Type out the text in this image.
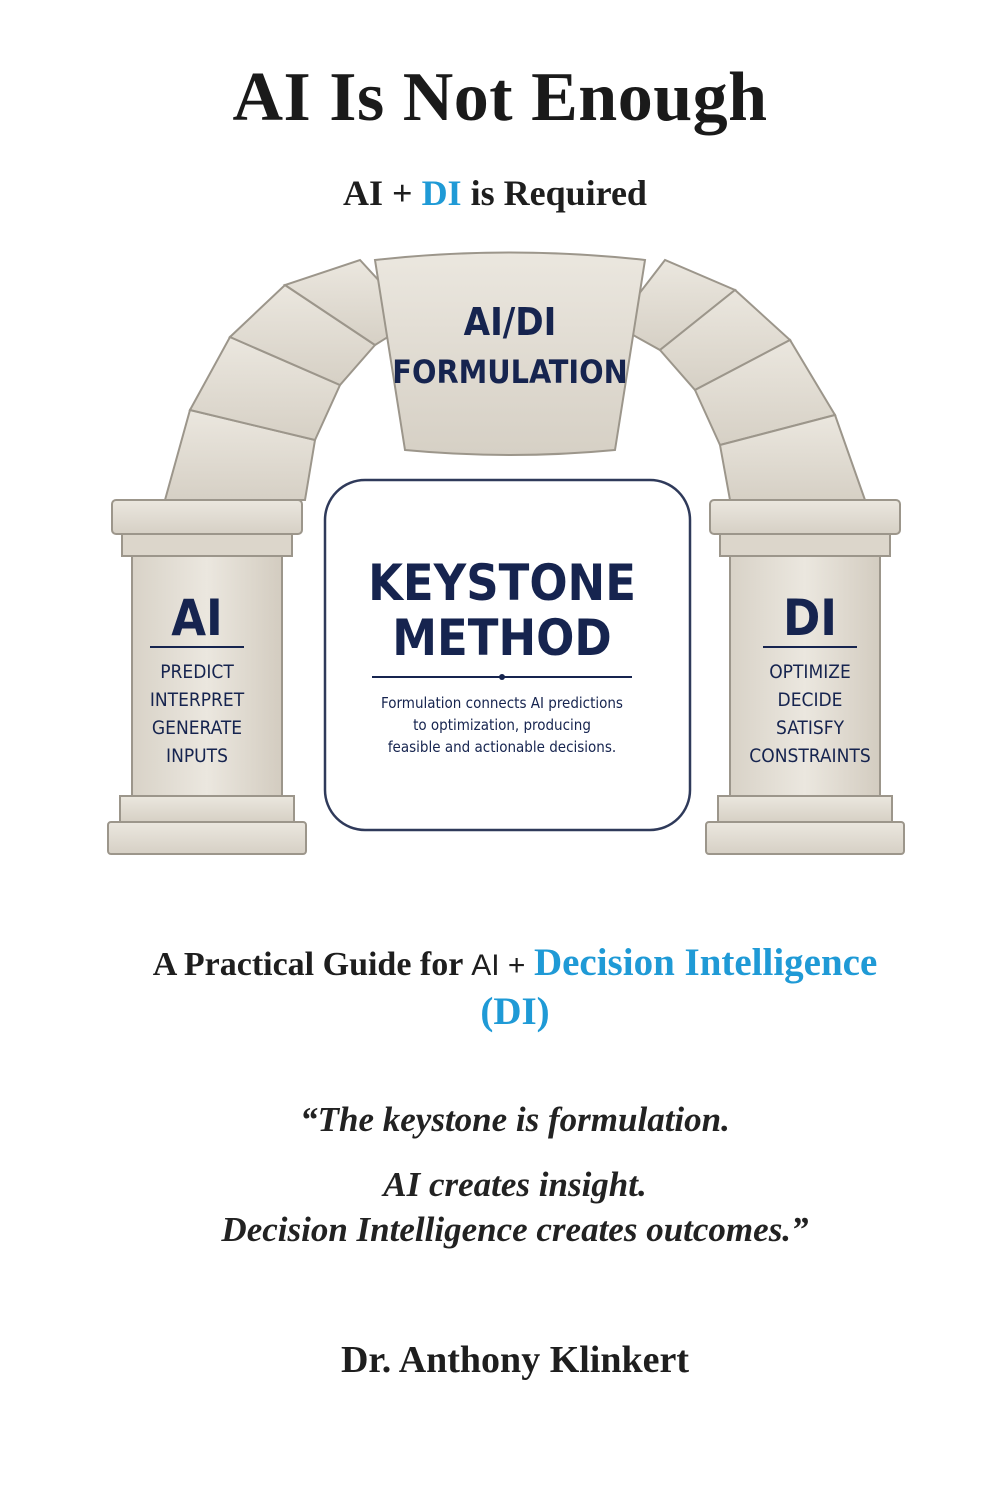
AI Is Not Enough
AI + DI is Required
AI/DI
FORMULATION
AI
PREDICT
INTERPRET
GENERATE
INPUTS
DI
OPTIMIZE
DECIDE
SATISFY
CONSTRAINTS
KEYSTONE
METHOD
Formulation connects AI predictions
to optimization, producing
feasible and actionable decisions.
A Practical Guide for AI + Decision Intelligence
(DI)
“The keystone is formulation.
AI creates insight.
Decision Intelligence creates outcomes.”
Dr. Anthony Klinkert
